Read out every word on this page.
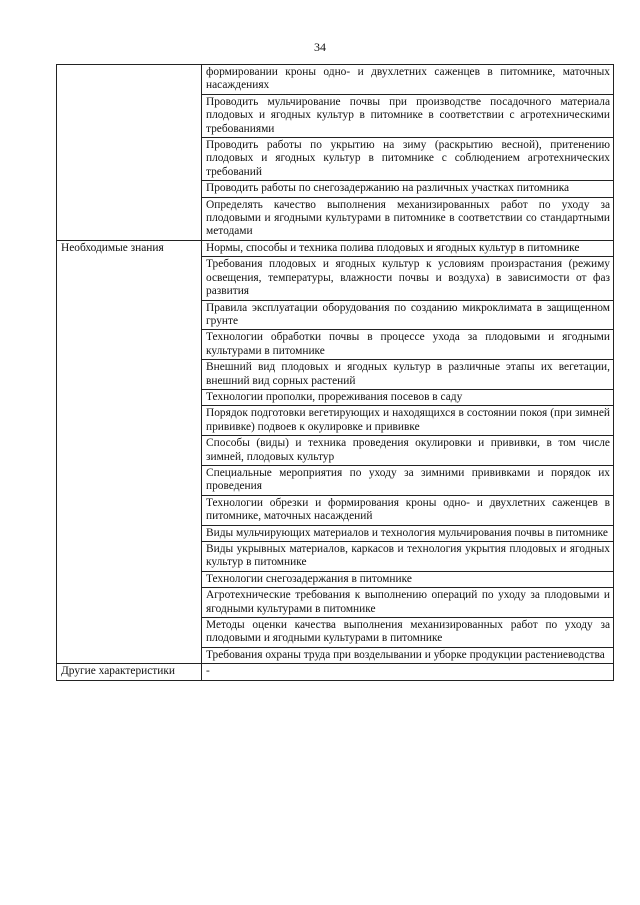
34
	формировании кроны одно- и двухлетних саженцев в питомнике, маточных насаждениях
	Проводить мульчирование почвы при производстве посадочного материала плодовых и ягодных культур в питомнике в соответствии с агротехническими требованиями
	Проводить работы по укрытию на зиму (раскрытию весной), притенению плодовых и ягодных культур в питомнике с соблюдением агротехнических требований
	Проводить работы по снегозадержанию на различных участках питомника
	Определять качество выполнения механизированных работ по уходу за плодовыми и ягодными культурами в питомнике в соответствии со стандартными методами
Необходимые знания	Нормы, способы и техника полива плодовых и ягодных культур в питомнике
	Требования плодовых и ягодных культур к условиям произрастания (режиму освещения, температуры, влажности почвы и воздуха) в зависимости от фаз развития
	Правила эксплуатации оборудования по созданию микроклимата в защищенном грунте
	Технологии обработки почвы в процессе ухода за плодовыми и ягодными культурами в питомнике
	Внешний вид плодовых и ягодных культур в различные этапы их вегетации, внешний вид сорных растений
	Технологии прополки, прореживания посевов в саду
	Порядок подготовки вегетирующих и находящихся в состоянии покоя (при зимней прививке) подвоев к окулировке и прививке
	Способы (виды) и техника проведения окулировки и прививки, в том числе зимней, плодовых культур
	Специальные мероприятия по уходу за зимними прививками и порядок их проведения
	Технологии обрезки и формирования кроны одно- и двухлетних саженцев в питомнике, маточных насаждений
	Виды мульчирующих материалов и технология мульчирования почвы в питомнике
	Виды укрывных материалов, каркасов и технология укрытия плодовых и ягодных культур в питомнике
	Технологии снегозадержания в питомнике
	Агротехнические требования к выполнению операций по уходу за плодовыми и ягодными культурами в питомнике
	Методы оценки качества выполнения механизированных работ по уходу за плодовыми и ягодными культурами в питомнике
	Требования охраны труда при возделывании и уборке продукции растениеводства
Другие характеристики	-
